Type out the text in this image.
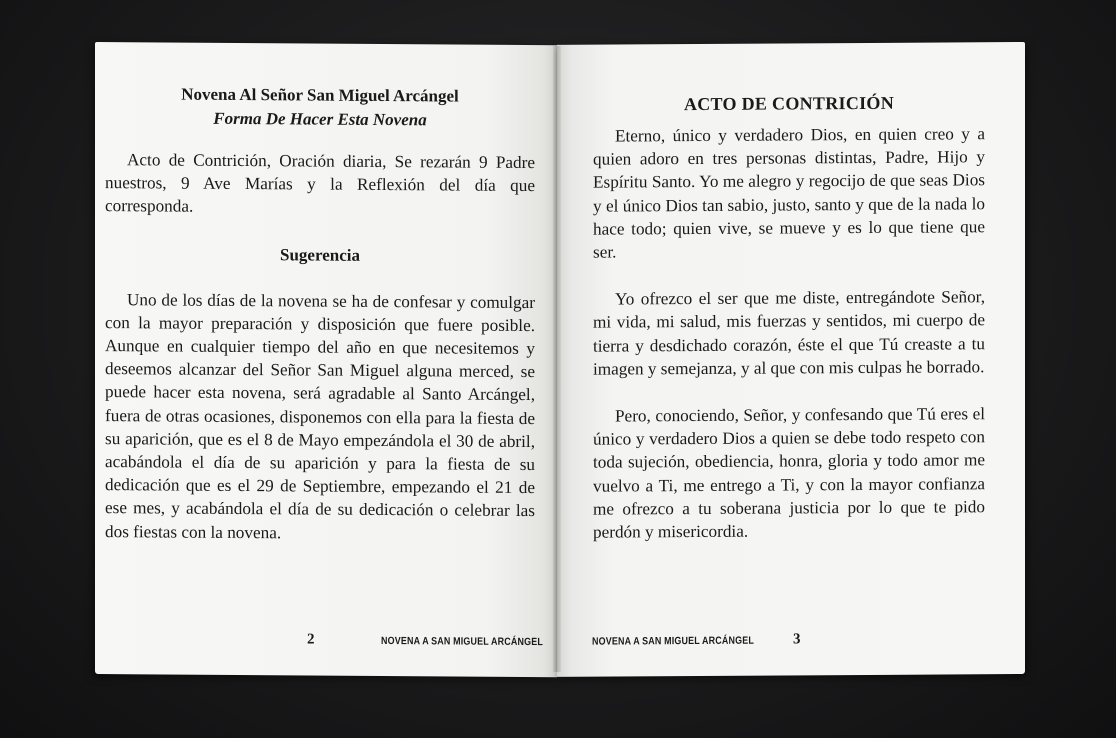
Novena Al Señor San Miguel Arcángel

Forma De Hacer Esta Novena

Acto de Contrición, Oración diaria, Se rezarán 9 Padre nuestros, 9 Ave Marías y la Reflexión del día que corresponda.

Sugerencia

Uno de los días de la novena se ha de confesar y comulgar con la mayor preparación y disposición que fuere posible. Aunque en cualquier tiempo del año en que necesitemos y deseemos alcanzar del Señor San Miguel alguna merced, se puede hacer esta novena, será agradable al Santo Arcángel, fuera de otras ocasiones, disponemos con ella para la fiesta de su aparición, que es el 8 de Mayo empezándola el 30 de abril, acabándola el día de su aparición y para la fiesta de su dedicación que es el 29 de Septiembre, empezando el 21 de ese mes, y acabándola el día de su dedicación o celebrar las dos fiestas con la novena.

2	NOVENA A SAN MIGUEL ARCÁNGEL

ACTO DE CONTRICIÓN

Eterno, único y verdadero Dios, en quien creo y a quien adoro en tres personas distintas, Padre, Hijo y Espíritu Santo. Yo me alegro y regocijo de que seas Dios y el único Dios tan sabio, justo, santo y que de la nada lo hace todo; quien vive, se mueve y es lo que tiene que ser.

Yo ofrezco el ser que me diste, entregándote Señor, mi vida, mi salud, mis fuerzas y sentidos, mi cuerpo de tierra y desdichado corazón, éste el que Tú creaste a tu imagen y semejanza, y al que con mis culpas he borrado.

Pero, conociendo, Señor, y confesando que Tú eres el único y verdadero Dios a quien se debe todo respeto con toda sujeción, obediencia, honra, gloria y todo amor me vuelvo a Ti, me entrego a Ti, y con la mayor confianza me ofrezco a tu soberana justicia por lo que te pido perdón y misericordia.

NOVENA A SAN MIGUEL ARCÁNGEL	3
